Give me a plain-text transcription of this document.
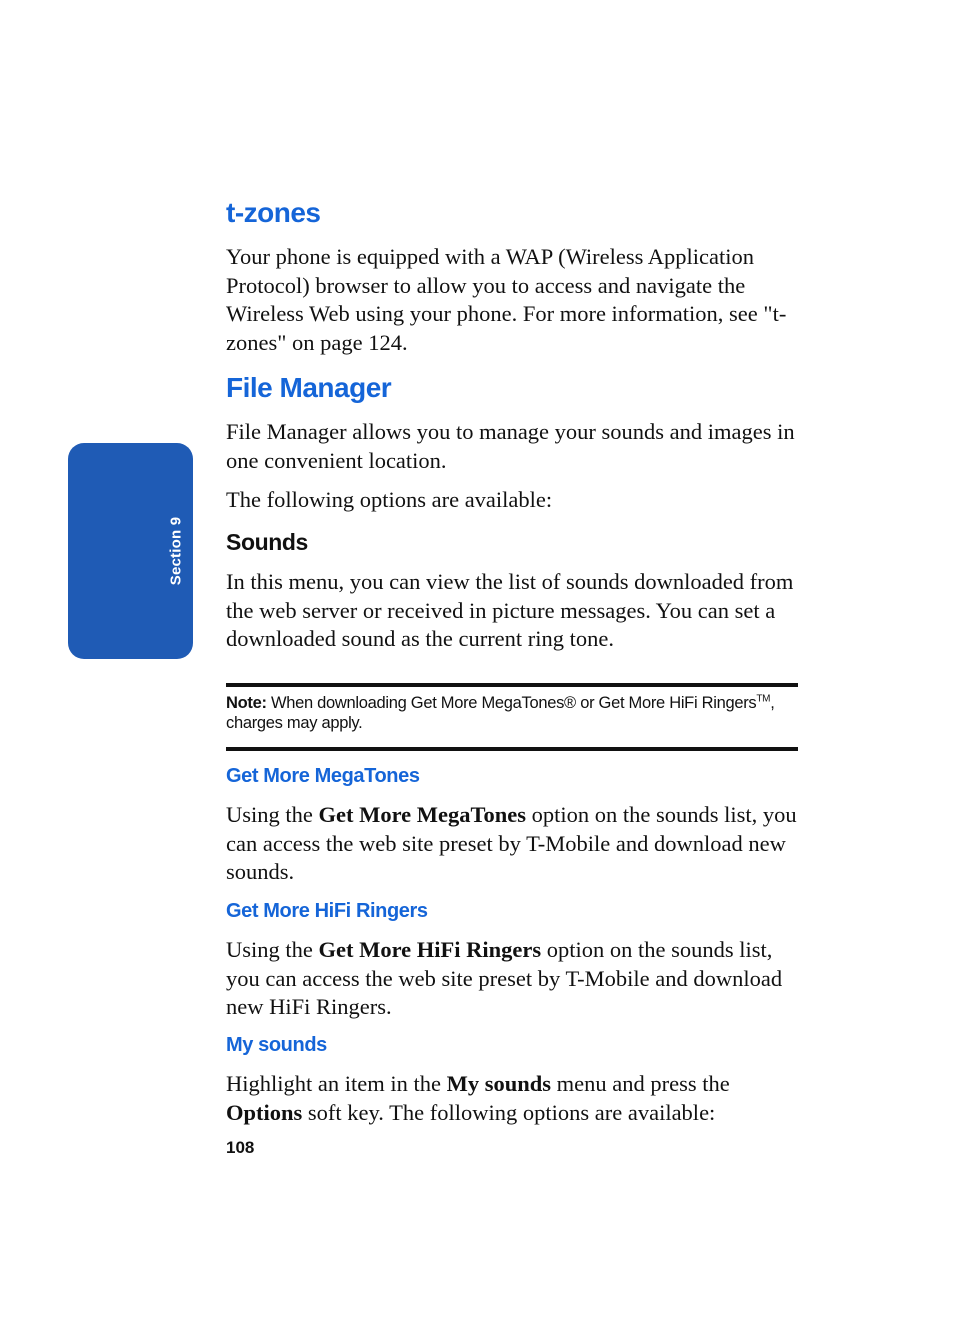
Section 9
t-zones

Your phone is equipped with a WAP (Wireless Application Protocol) browser to allow you to access and navigate the Wireless Web using your phone. For more information, see "t-zones" on page 124.

File Manager

File Manager allows you to manage your sounds and images in one convenient location.

The following options are available:

Sounds

In this menu, you can view the list of sounds downloaded from the web server or received in picture messages. You can set a downloaded sound as the current ring tone.

Note: When downloading Get More MegaTones® or Get More HiFi Ringers™, charges may apply.
Get More MegaTones

Using the Get More MegaTones option on the sounds list, you can access the web site preset by T-Mobile and download new sounds.

Get More HiFi Ringers

Using the Get More HiFi Ringers option on the sounds list, you can access the web site preset by T-Mobile and download new HiFi Ringers.

My sounds

Highlight an item in the My sounds menu and press the Options soft key. The following options are available:

108
